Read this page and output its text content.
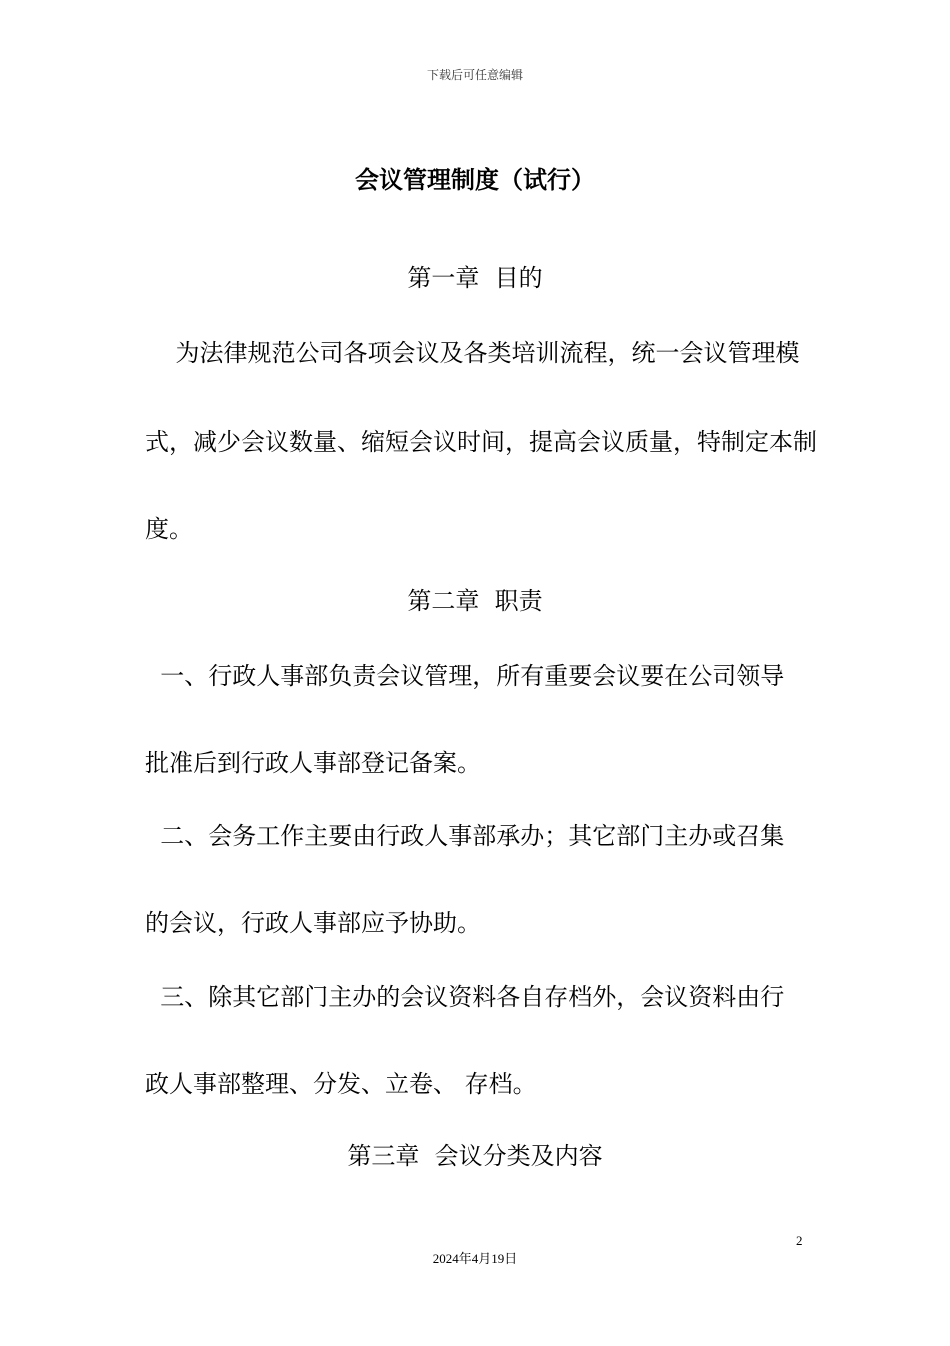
下载后可任意编辑
会议管理制度（试行）
第一章  目的
为法律规范公司各项会议及各类培训流程，统一会议管理模
式，减少会议数量、缩短会议时间，提高会议质量，特制定本制
度。
第二章  职责
一、行政人事部负责会议管理，所有重要会议要在公司领导
批准后到行政人事部登记备案。
二、会务工作主要由行政人事部承办；其它部门主办或召集
的会议，行政人事部应予协助。
三、除其它部门主办的会议资料各自存档外，会议资料由行
政人事部整理、分发、立卷、 存档。
第三章  会议分类及内容
2
2024年4月19日
